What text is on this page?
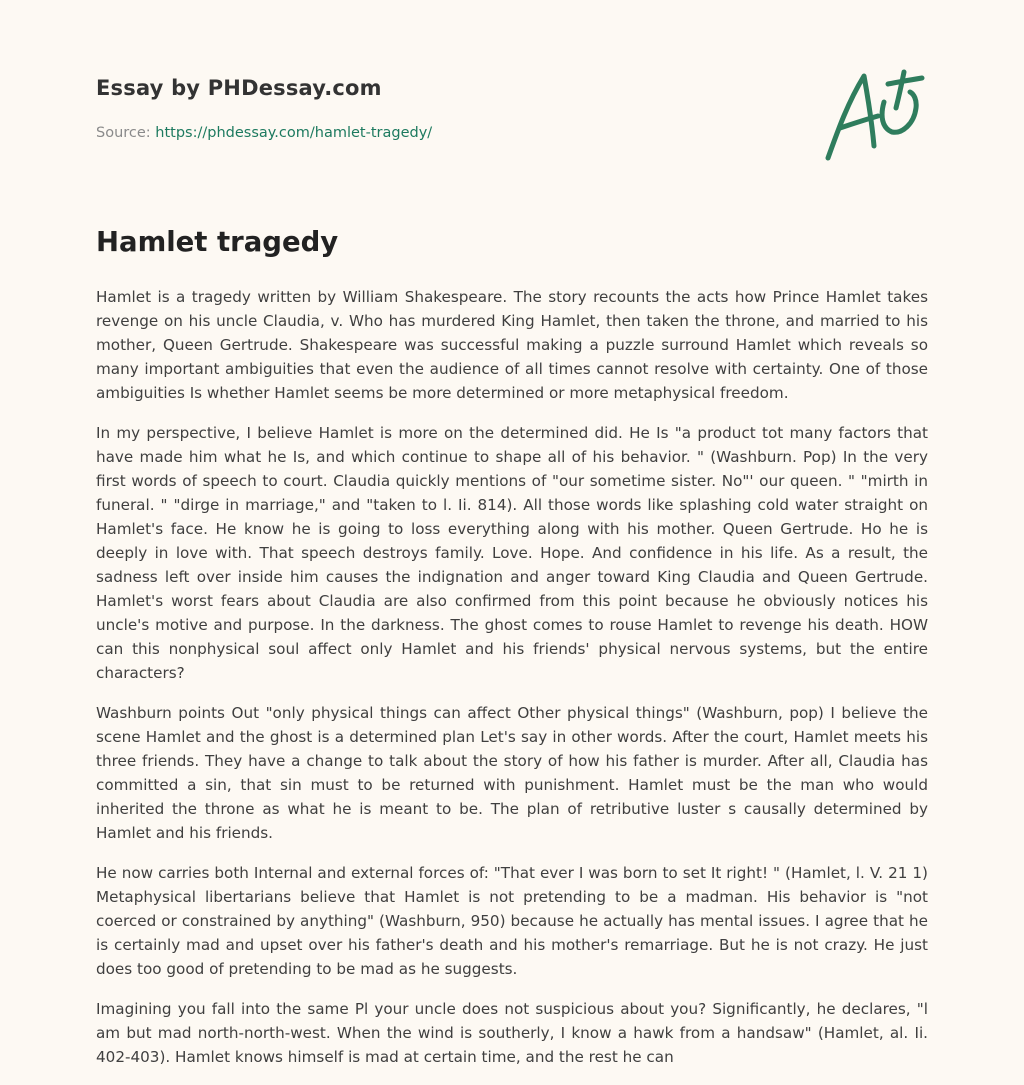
Essay by PHDessay.com
Source: https://phdessay.com/hamlet-tragedy/
Hamlet tragedy

Hamlet is a tragedy written by William Shakespeare. The story recounts the acts how Prince Hamlet takes revenge on his uncle Claudia, v. Who has murdered King Hamlet, then taken the throne, and married to his mother, Queen Gertrude. Shakespeare was successful making a puzzle surround Hamlet which reveals so many important ambiguities that even the audience of all times cannot resolve with certainty. One of those ambiguities Is whether Hamlet seems be more determined or more metaphysical freedom.

In my perspective, I believe Hamlet is more on the determined did. He Is "a product tot many factors that have made him what he Is, and which continue to shape all of his behavior. " (Washburn. Pop) In the very first words of speech to court. Claudia quickly mentions of "our sometime sister. No"' our queen. " "mirth in funeral. " "dirge in marriage," and "taken to l. Ii. 814). All those words like splashing cold water straight on Hamlet's face. He know he is going to loss everything along with his mother. Queen Gertrude. Ho he is deeply in love with. That speech destroys family. Love. Hope. And confidence in his life. As a result, the sadness left over inside him causes the indignation and anger toward King Claudia and Queen Gertrude. Hamlet's worst fears about Claudia are also confirmed from this point because he obviously notices his uncle's motive and purpose. In the darkness. The ghost comes to rouse Hamlet to revenge his death. HOW can this nonphysical soul affect only Hamlet and his friends' physical nervous systems, but the entire characters?

Washburn points Out "only physical things can affect Other physical things" (Washburn, pop) I believe the scene Hamlet and the ghost is a determined plan Let's say in other words. After the court, Hamlet meets his three friends. They have a change to talk about the story of how his father is murder. After all, Claudia has committed a sin, that sin must to be returned with punishment. Hamlet must be the man who would inherited the throne as what he is meant to be. The plan of retributive luster s causally determined by Hamlet and his friends.

He now carries both Internal and external forces of: "That ever I was born to set It right! " (Hamlet, l. V. 21 1) Metaphysical libertarians believe that Hamlet is not pretending to be a madman. His behavior is "not coerced or constrained by anything" (Washburn, 950) because he actually has mental issues. I agree that he is certainly mad and upset over his father's death and his mother's remarriage. But he is not crazy. He just does too good of pretending to be mad as he suggests.

Imagining you fall into the same Pl your uncle does not suspicious about you? Significantly, he declares, "l am but mad north-north-west. When the wind is southerly, I know a hawk from a handsaw" (Hamlet, al. Ii. 402-403). Hamlet knows himself is mad at certain time, and the rest he can
